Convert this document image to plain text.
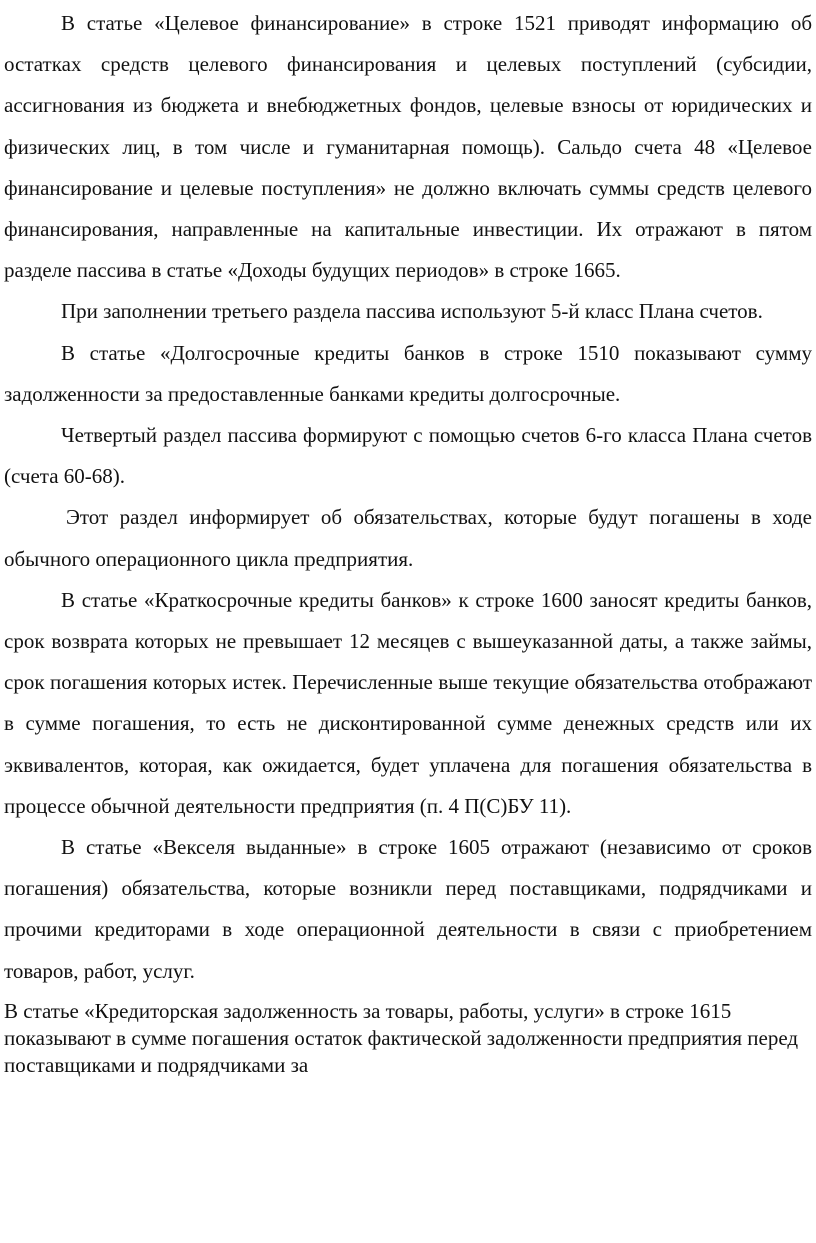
В статье «Целевое финансирование» в строке 1521 приводят информацию об остатках средств целевого финансирования и целевых поступлений (субсидии, ассигнования из бюджета и внебюджетных фондов, целевые взносы от юридических и физических лиц, в том числе и гуманитарная помощь). Сальдо счета 48 «Целевое финансирование и целевые поступления» не должно включать суммы средств целевого финансирования, направленные на капитальные инвестиции. Их отражают в пятом разделе пассива в статье «Доходы будущих периодов» в строке 1665.

При заполнении третьего раздела пассива используют 5-й класс Плана счетов.

В статье «Долгосрочные кредиты банков в строке 1510 показывают сумму задолженности за предоставленные банками кредиты долгосрочные.

Четвертый раздел пассива формируют с помощью счетов 6-го класса Плана счетов (счета 60-68).

Этот раздел информирует об обязательствах, которые будут погашены в ходе обычного операционного цикла предприятия.

В статье «Краткосрочные кредиты банков» к строке 1600 заносят кредиты банков, срок возврата которых не превышает 12 месяцев с вышеуказанной даты, а также займы, срок погашения которых истек. Перечисленные выше текущие обязательства отображают в сумме погашения, то есть не дисконтированной сумме денежных средств или их эквивалентов, которая, как ожидается, будет уплачена для погашения обязательства в процессе обычной деятельности предприятия (п. 4 П(С)БУ 11).

В статье «Векселя выданные» в строке 1605 отражают (независимо от сроков погашения) обязательства, которые возникли перед поставщиками, подрядчиками и прочими кредиторами в ходе операционной деятельности в связи с приобретением товаров, работ, услуг.

В статье «Кредиторская задолженность за товары, работы, услуги» в строке 1615 показывают в сумме погашения остаток фактической задолженности предприятия перед поставщиками и подрядчиками за
